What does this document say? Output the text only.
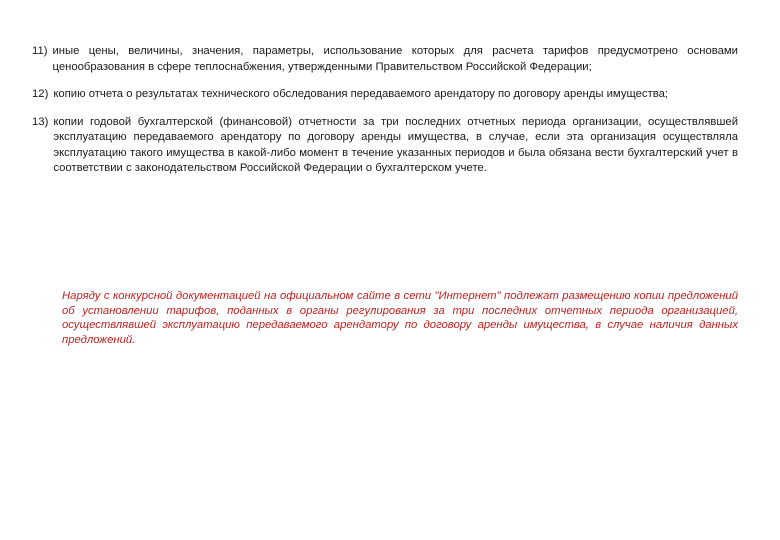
11) иные цены, величины, значения, параметры, использование которых для расчета тарифов предусмотрено основами ценообразования в сфере теплоснабжения, утвержденными Правительством Российской Федерации;
12) копию отчета о результатах технического обследования передаваемого арендатору по договору аренды имущества;
13) копии годовой бухгалтерской (финансовой) отчетности за три последних отчетных периода организации, осуществлявшей эксплуатацию передаваемого арендатору по договору аренды имущества, в случае, если эта организация осуществляла эксплуатацию такого имущества в какой-либо момент в течение указанных периодов и была обязана вести бухгалтерский учет в соответствии с законодательством Российской Федерации о бухгалтерском учете.
Наряду с конкурсной документацией на официальном сайте в сети "Интернет" подлежат размещению копии предложений об установлении тарифов, поданных в органы регулирования за три последних отчетных периода организацией, осуществлявшей эксплуатацию передаваемого арендатору по договору аренды имущества, в случае наличия данных предложений.
